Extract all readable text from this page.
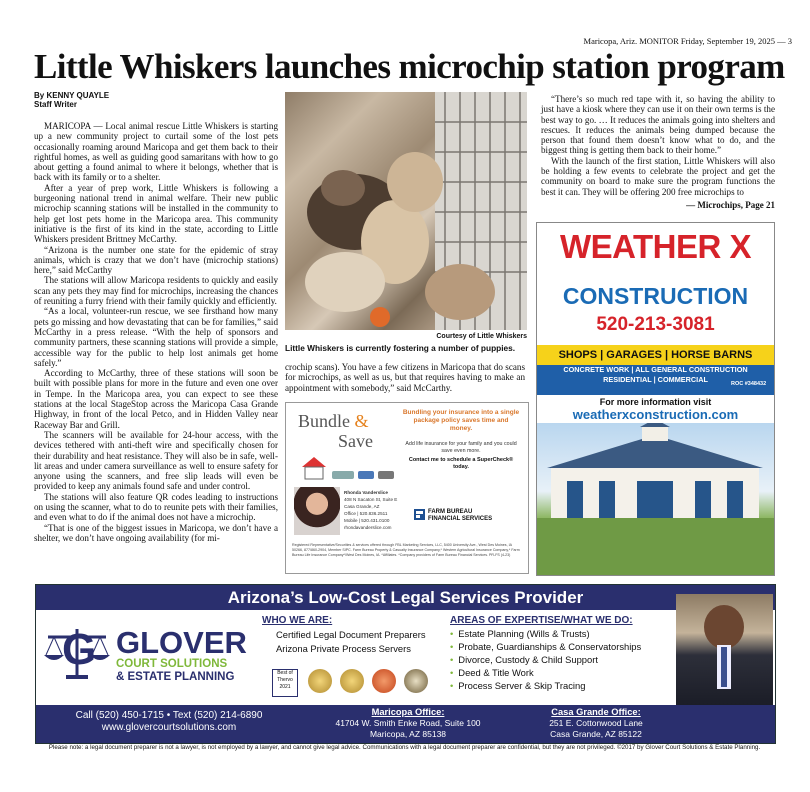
Maricopa, Ariz. MONITOR Friday, September 19, 2025 — 3
Little Whiskers launches microchip station program
By KENNY QUAYLE
Staff Writer

MARICOPA — Local animal rescue Little Whiskers is starting up a new community project to curtail some of the lost pets occasionally roaming around Maricopa and get them back to their rightful homes, as well as guiding good samaritans with how to go about getting a found animal to where it belongs, whether that is back with its family or to a shelter.

After a year of prep work, Little Whiskers is following a burgeoning national trend in animal welfare. Their new public microchip scanning stations will be installed in the community to help get lost pets home in the Maricopa area. This community initiative is the first of its kind in the state, according to Little Whiskers president Brittney McCarthy.

“Arizona is the number one state for the epidemic of stray animals, which is crazy that we don’t have (microchip stations) here,” said McCarthy

The stations will allow Maricopa residents to quickly and easily scan any pets they may find for microchips, increasing the chances of reuniting a furry friend with their family quickly and efficiently.

“As a local, volunteer-run rescue, we see firsthand how many pets go missing and how devastating that can be for families,” said McCarthy in a press release. “With the help of sponsors and community partners, these scanning stations will provide a simple, accessible way for the public to help lost animals get home safely.”

According to McCarthy, three of these stations will soon be built with possible plans for more in the future and even one over in Tempe. In the Maricopa area, you can expect to see these stations at the local StageStop across the Maricopa Casa Grande Highway, in front of the local Petco, and in Hidden Valley near Raceway Bar and Grill.

The scanners will be available for 24-hour access, with the devices tethered with anti-theft wire and specifically chosen for their durability and heat resistance. They will also be in safe, well-lit areas and under camera surveillance as well to ensure safety for anyone using the scanners, and free slip leads will even be provided to keep any animals found safe and under control.

The stations will also feature QR codes leading to instructions on using the scanner, what to do to reunite pets with their families, and even what to do if the animal does not have a microchip.

“That is one of the biggest issues in Maricopa, we don’t have a shelter, we don’t have ongoing availability (for mi-

Courtesy of Little Whiskers
Little Whiskers is currently fostering a number of puppies.

crochip scans). You have a few citizens in Maricopa that do scans for microchips, as well as us, but that requires having to make an appointment with somebody,” said McCarthy.

“There’s so much red tape with it, so having the ability to just have a kiosk where they can use it on their own terms is the best way to go. … It reduces the animals going into shelters and rescues. It reduces the animals being dumped because the person that found them doesn’t know what to do, and the biggest thing is getting them back to their home.”

With the launch of the first station, Little Whiskers will also be holding a few events to celebrate the project and get the community on board to make sure the program functions the best it can. They will be offering 200 free microchips to

— Microchips, Page 21
Bundle &
Save
Bundling your insurance into a single package policy saves time and money.
Add life insurance for your family and you could save even more.
Contact me to schedule a SuperCheck® today.
Rhonda Vanderslice
408 N Sacaton St, Suite E
Casa Grande, AZ
Office | 520.836.2511
Mobile | 520.431.0100
rhondavanderslice.com
FARM BUREAU
FINANCIAL SERVICES
Registered Representative/Securities & services offered through FBL Marketing Services, LLC, 5400 University Ave., West Des Moines, IA 50266, 877/860-2904, Member SIPC. Farm Bureau Property & Casualty Insurance Company,* Western Agricultural Insurance Company,* Farm Bureau Life Insurance Company*/West Des Moines, IA. *Affiliates. *Company providers of Farm Bureau Financial Services. PR-FS (4-23)
WEATHER X
CONSTRUCTION
520-213-3081
SHOPS | GARAGES | HORSE BARNS
CONCRETE WORK | ALL GENERAL CONSTRUCTION
RESIDENTIAL | COMMERCIAL	ROC #348432
For more information visit
weatherxconstruction.com
Arizona’s Low-Cost Legal Services Provider
G GLOVER
COURT SOLUTIONS
& ESTATE PLANNING
WHO WE ARE:
Certified Legal Document Preparers
Arizona Private Process Servers
Best of
Thervo
2021
AREAS OF EXPERTISE/WHAT WE DO:
• Estate Planning (Wills & Trusts)
• Probate, Guardianships & Conservatorships
• Divorce, Custody & Child Support
• Deed & Title Work
• Process Server & Skip Tracing
Call (520) 450-1715 • Text (520) 214-6890
www.glovercourtsolutions.com
Maricopa Office:
41704 W. Smith Enke Road, Suite 100
Maricopa, AZ 85138
Casa Grande Office:
251 E. Cottonwood Lane
Casa Grande, AZ 85122
Please note: a legal document preparer is not a lawyer, is not employed by a lawyer, and cannot give legal advice. Communications with a legal document preparer are confidential, but they are not privileged. ©2017 by Glover Court Solutions & Estate Planning.
